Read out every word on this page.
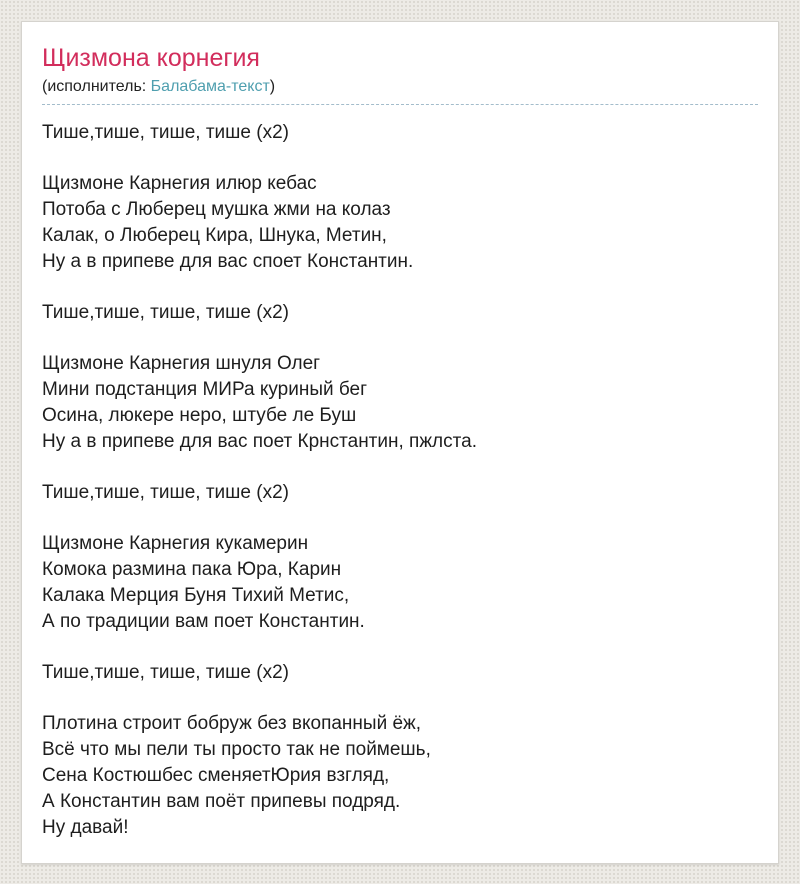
Щизмона корнегия
(исполнитель: Балабама-текст)
Тише,тише, тише, тише (х2)
Щизмоне Карнегия илюр кебас
Потоба с Люберец мушка жми на колаз
Калак, о Люберец Кира, Шнука, Метин,
Ну а в припеве для вас споет Константин.
Тише,тише, тише, тише (х2)
Щизмоне Карнегия шнуля Олег
Мини подстанция МИРа куриный бег
Осина, люкере неро, штубе ле Буш
Ну а в припеве для вас поет Крнстантин, пжлста.
Тише,тише, тише, тише (х2)
Щизмоне Карнегия кукамерин
Комока размина пака Юра, Карин
Калака Мерция Буня Тихий Метис,
А по традиции вам поет Константин.
Тише,тише, тише, тише (х2)
Плотина строит бобруж без вкопанный ёж,
Всё что мы пели ты просто так не поймешь,
Сена Костюшбес сменяетЮрия взгляд,
А Константин вам поёт припевы подряд.
Ну давай!
